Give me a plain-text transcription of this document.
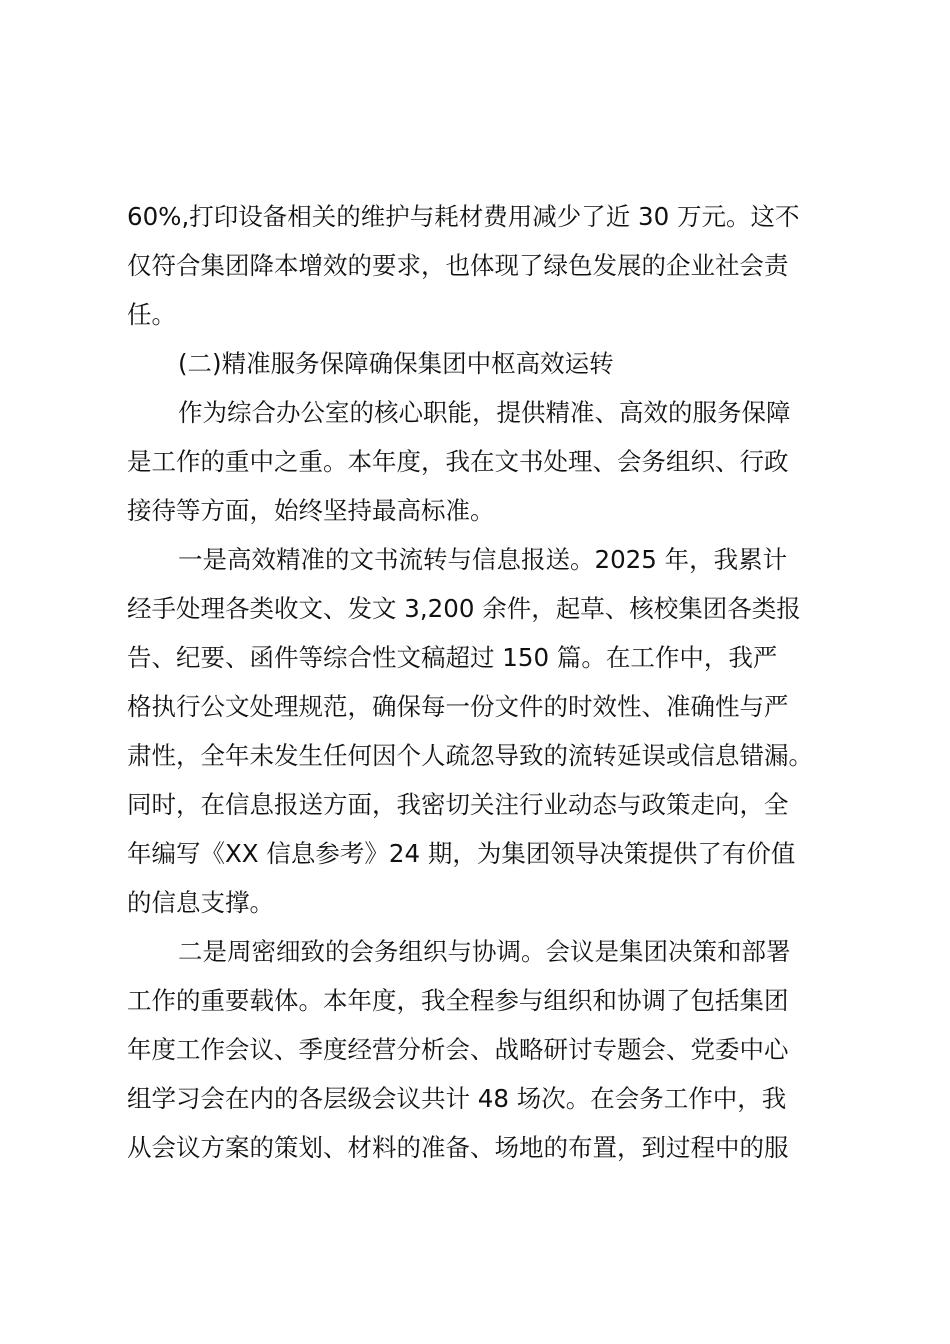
60%,打印设备相关的维护与耗材费用减少了近 30 万元。这不
仅符合集团降本增效的要求，也体现了绿色发展的企业社会责
任。
(二)精准服务保障确保集团中枢高效运转
作为综合办公室的核心职能，提供精准、高效的服务保障
是工作的重中之重。本年度，我在文书处理、会务组织、行政
接待等方面，始终坚持最高标准。
一是高效精准的文书流转与信息报送。2025 年，我累计
经手处理各类收文、发文 3,200 余件，起草、核校集团各类报
告、纪要、函件等综合性文稿超过 150 篇。在工作中，我严
格执行公文处理规范，确保每一份文件的时效性、准确性与严
肃性，全年未发生任何因个人疏忽导致的流转延误或信息错漏。
同时，在信息报送方面，我密切关注行业动态与政策走向，全
年编写《XX 信息参考》24 期，为集团领导决策提供了有价值
的信息支撑。
二是周密细致的会务组织与协调。会议是集团决策和部署
工作的重要载体。本年度，我全程参与组织和协调了包括集团
年度工作会议、季度经营分析会、战略研讨专题会、党委中心
组学习会在内的各层级会议共计 48 场次。在会务工作中，我
从会议方案的策划、材料的准备、场地的布置，到过程中的服
